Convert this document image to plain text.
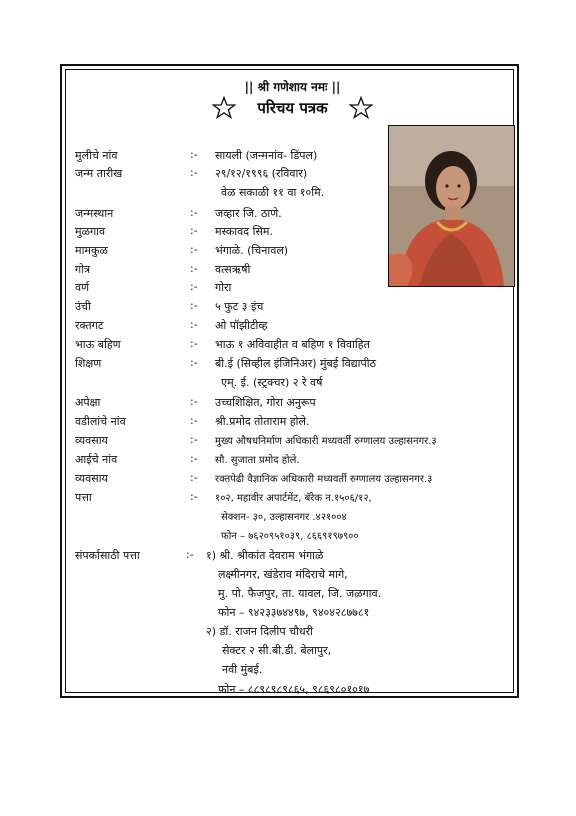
|| श्री गणेशाय नमः ||
परिचय पत्रक
मुलीचे नांव	:- सायली (जन्मनांव- डिंपल)
जन्म तारीख	:- २९/१२/१९९६ (रविवार)
वेळ सकाळी ११ वा १०मि.
जन्मस्थान	:- जव्हार जि. ठाणे.
मुळगाव	:- मस्कावद सिम.
मामकुळ	:- भंगाळे. (चिनावल)
गोत्र	:- वत्सऋषी
वर्ण	:- गोरा
उंची	:- ५ फुट ३ इंच
रक्तगट	:- ओ पॉझीटीव्ह
भाऊ बहिण	:- भाऊ १ अविवाहीत व बहिण १ विवाहित
शिक्षण	:- बी.ई (सिव्हील इंजिनिअर) मुंबई विद्यापीठ
एम्. ई. (स्ट्रक्चर) २ रे वर्ष
अपेक्षा	:- उच्चशिक्षित, गोरा अनुरूप
वडीलांचे नांव	:- श्री.प्रमोद तोताराम होले.
व्यवसाय	:- मुख्य औषधनिर्माण अधिकारी मध्यवर्ती रुग्णालय उल्हासनगर.३
आईचे नांव	:- सौ. सुजाता प्रमोद होले.
व्यवसाय	:- रक्तपेढी वैज्ञानिक अधिकारी मध्यवर्ती रुग्णालय उल्हासनगर.३
पत्ता	:- १०२, महावीर अपार्टमेंट, बॅरेक न.१५०६/१२,
सेक्शन- ३०, उल्हासनगर .४२१००४
फोन – ७६२०९५१०३९, ८६६९१९७९००
संपर्कासाठी पत्ता	:- १) श्री. श्रीकांत देवराम भंगाळे
लक्ष्मीनगर, खंडेराव मंदिराचे मागे,
मु. पो. फैजपुर, ता. यावल, जि. जळगाव.
फोन – ९४२३३७४४९७, ९४०४२८७७८१
२) डॉ. राजन दिलीप चौधरी
सेक्टर २ सी.बी.डी. बेलापुर,
नवी मुंबई.
फोन – ८८९८९८९८६५, ९८६९८०१०१७
